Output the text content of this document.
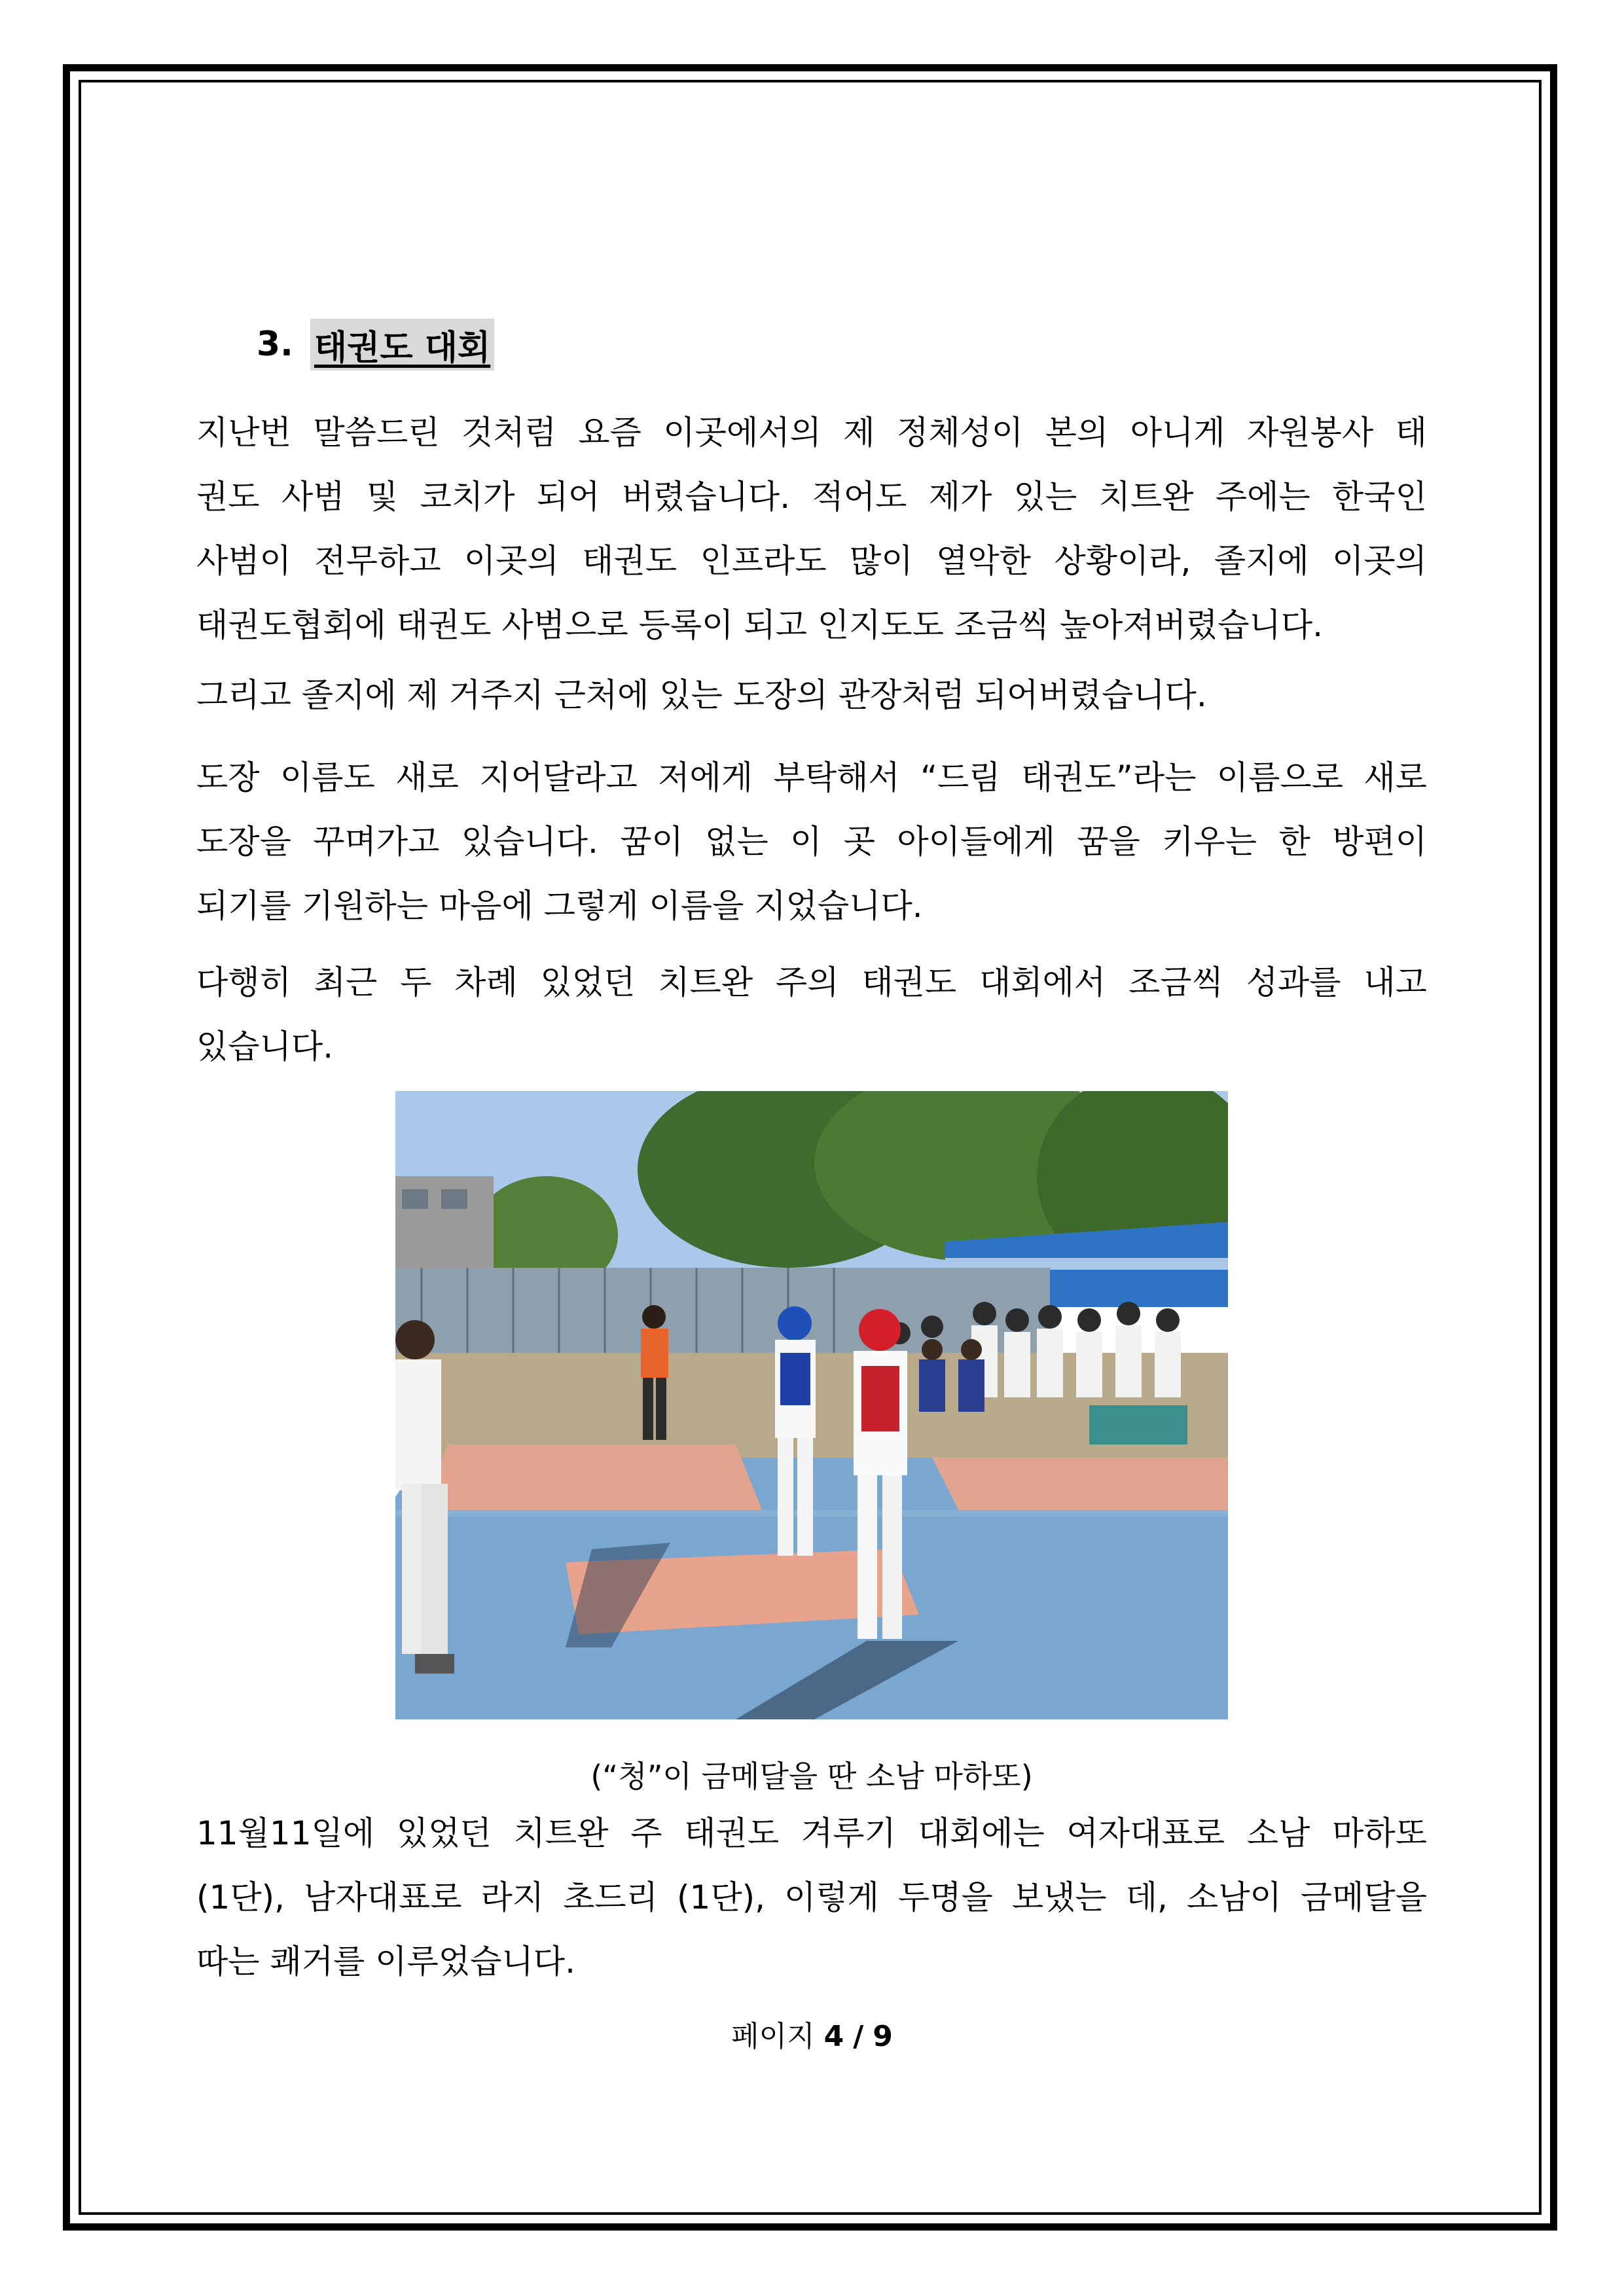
3. 태권도 대회
지난번 말씀드린 것처럼 요즘 이곳에서의 제 정체성이 본의 아니게 자원봉사 태
권도 사범 및 코치가 되어 버렸습니다. 적어도 제가 있는 치트완 주에는 한국인
사범이 전무하고 이곳의 태권도 인프라도 많이 열악한 상황이라, 졸지에 이곳의
태권도협회에 태권도 사범으로 등록이 되고 인지도도 조금씩 높아져버렸습니다.
그리고 졸지에 제 거주지 근처에 있는 도장의 관장처럼 되어버렸습니다.
도장 이름도 새로 지어달라고 저에게 부탁해서 “드림 태권도”라는 이름으로 새로
도장을 꾸며가고 있습니다. 꿈이 없는 이 곳 아이들에게 꿈을 키우는 한 방편이
되기를 기원하는 마음에 그렇게 이름을 지었습니다.
다행히 최근 두 차례 있었던 치트완 주의 태권도 대회에서 조금씩 성과를 내고
있습니다.
(“청”이 금메달을 딴 소남 마하또)
11월11일에 있었던 치트완 주 태권도 겨루기 대회에는 여자대표로 소남 마하또
(1단), 남자대표로 라지 초드리 (1단), 이렇게 두명을 보냈는 데, 소남이 금메달을
따는 쾌거를 이루었습니다.
페이지 4 / 9
